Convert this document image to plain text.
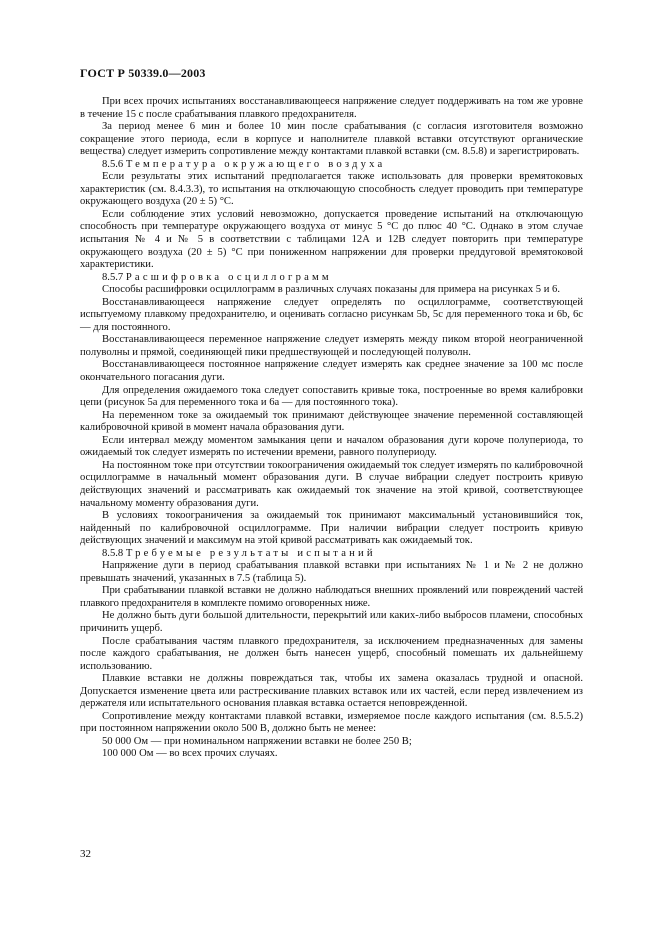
ГОСТ Р 50339.0—2003

При всех прочих испытаниях восстанавливающееся напряжение следует поддерживать на том же уровне в течение 15 с после срабатывания плавкого предохранителя.

За период менее 6 мин и более 10 мин после срабатывания (с согласия изготовителя возможно сокращение этого периода, если в корпусе и наполнителе плавкой вставки отсутствуют органические вещества) следует измерить сопротивление между контактами плавкой вставки (см. 8.5.8) и зарегистрировать.

8.5.6 Температура окружающего воздуха

Если результаты этих испытаний предполагается также использовать для проверки времятоковых характеристик (см. 8.4.3.3), то испытания на отключающую способность следует проводить при температуре окружающего воздуха (20 ± 5) °С.

Если соблюдение этих условий невозможно, допускается проведение испытаний на отключающую способность при температуре окружающего воздуха от минус 5 °С до плюс 40 °С. Однако в этом случае испытания № 4 и № 5 в соответствии с таблицами 12А и 12В следует повторить при температуре окружающего воздуха (20 ± 5) °С при пониженном напряжении для проверки преддуговой времятоковой характеристики.

8.5.7 Расшифровка осциллограмм

Способы расшифровки осциллограмм в различных случаях показаны для примера на рисунках 5 и 6.

Восстанавливающееся напряжение следует определять по осциллограмме, соответствующей испытуемому плавкому предохранителю, и оценивать согласно рисункам 5b, 5c для переменного тока и 6b, 6c — для постоянного.

Восстанавливающееся переменное напряжение следует измерять между пиком второй неограниченной полуволны и прямой, соединяющей пики предшествующей и последующей полуволн.

Восстанавливающееся постоянное напряжение следует измерять как среднее значение за 100 мс после окончательного погасания дуги.

Для определения ожидаемого тока следует сопоставить кривые тока, построенные во время калибровки цепи (рисунок 5а для переменного тока и 6а — для постоянного тока).

На переменном токе за ожидаемый ток принимают действующее значение переменной составляющей калибровочной кривой в момент начала образования дуги.

Если интервал между моментом замыкания цепи и началом образования дуги короче полупериода, то ожидаемый ток следует измерять по истечении времени, равного полупериоду.

На постоянном токе при отсутствии токоограничения ожидаемый ток следует измерять по калибровочной осциллограмме в начальный момент образования дуги. В случае вибрации следует построить кривую действующих значений и рассматривать как ожидаемый ток значение на этой кривой, соответствующее начальному моменту образования дуги.

В условиях токоограничения за ожидаемый ток принимают максимальный установившийся ток, найденный по калибровочной осциллограмме. При наличии вибрации следует построить кривую действующих значений и максимум на этой кривой рассматривать как ожидаемый ток.

8.5.8 Требуемые результаты испытаний

Напряжение дуги в период срабатывания плавкой вставки при испытаниях № 1 и № 2 не должно превышать значений, указанных в 7.5 (таблица 5).

При срабатывании плавкой вставки не должно наблюдаться внешних проявлений или повреждений частей плавкого предохранителя в комплекте помимо оговоренных ниже.

Не должно быть дуги большой длительности, перекрытий или каких-либо выбросов пламени, способных причинить ущерб.

После срабатывания частям плавкого предохранителя, за исключением предназначенных для замены после каждого срабатывания, не должен быть нанесен ущерб, способный помешать их дальнейшему использованию.

Плавкие вставки не должны повреждаться так, чтобы их замена оказалась трудной и опасной. Допускается изменение цвета или растрескивание плавких вставок или их частей, если перед извлечением из держателя или испытательного основания плавкая вставка остается неповрежденной.

Сопротивление между контактами плавкой вставки, измеряемое после каждого испытания (см. 8.5.5.2) при постоянном напряжении около 500 В, должно быть не менее:

50 000 Ом — при номинальном напряжении вставки не более 250 В;

100 000 Ом — во всех прочих случаях.

32
